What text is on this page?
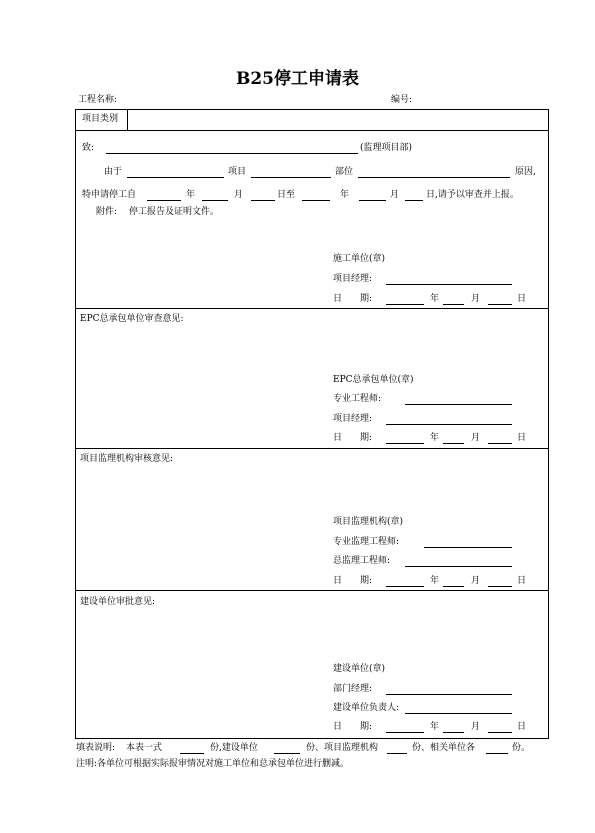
B25停工申请表
工程名称:	编号:
项目类别
致:	(监理项目部)
由于	项目	部位	原因,
特申请停工自	年	月	日至	年	月	日,请予以审查并上报。
附件: 停工报告及证明文件。
施工单位(章)
项目经理:
日　　期:	年	月	日
EPC总承包单位审查意见:
EPC总承包单位(章)
专业工程师:
项目经理:
日　　期:	年	月	日
项目监理机构审核意见:
项目监理机构(章)
专业监理工程师:
总监理工程师:
日　　期:	年	月	日
建设单位审批意见:
建设单位(章)
部门经理:
建设单位负责人:
日　　期:	年	月	日
填表说明: 本表一式	份,建设单位	份、项目监理机构	份、相关单位各	份。
注明:各单位可根据实际报审情况对施工单位和总承包单位进行删减。
